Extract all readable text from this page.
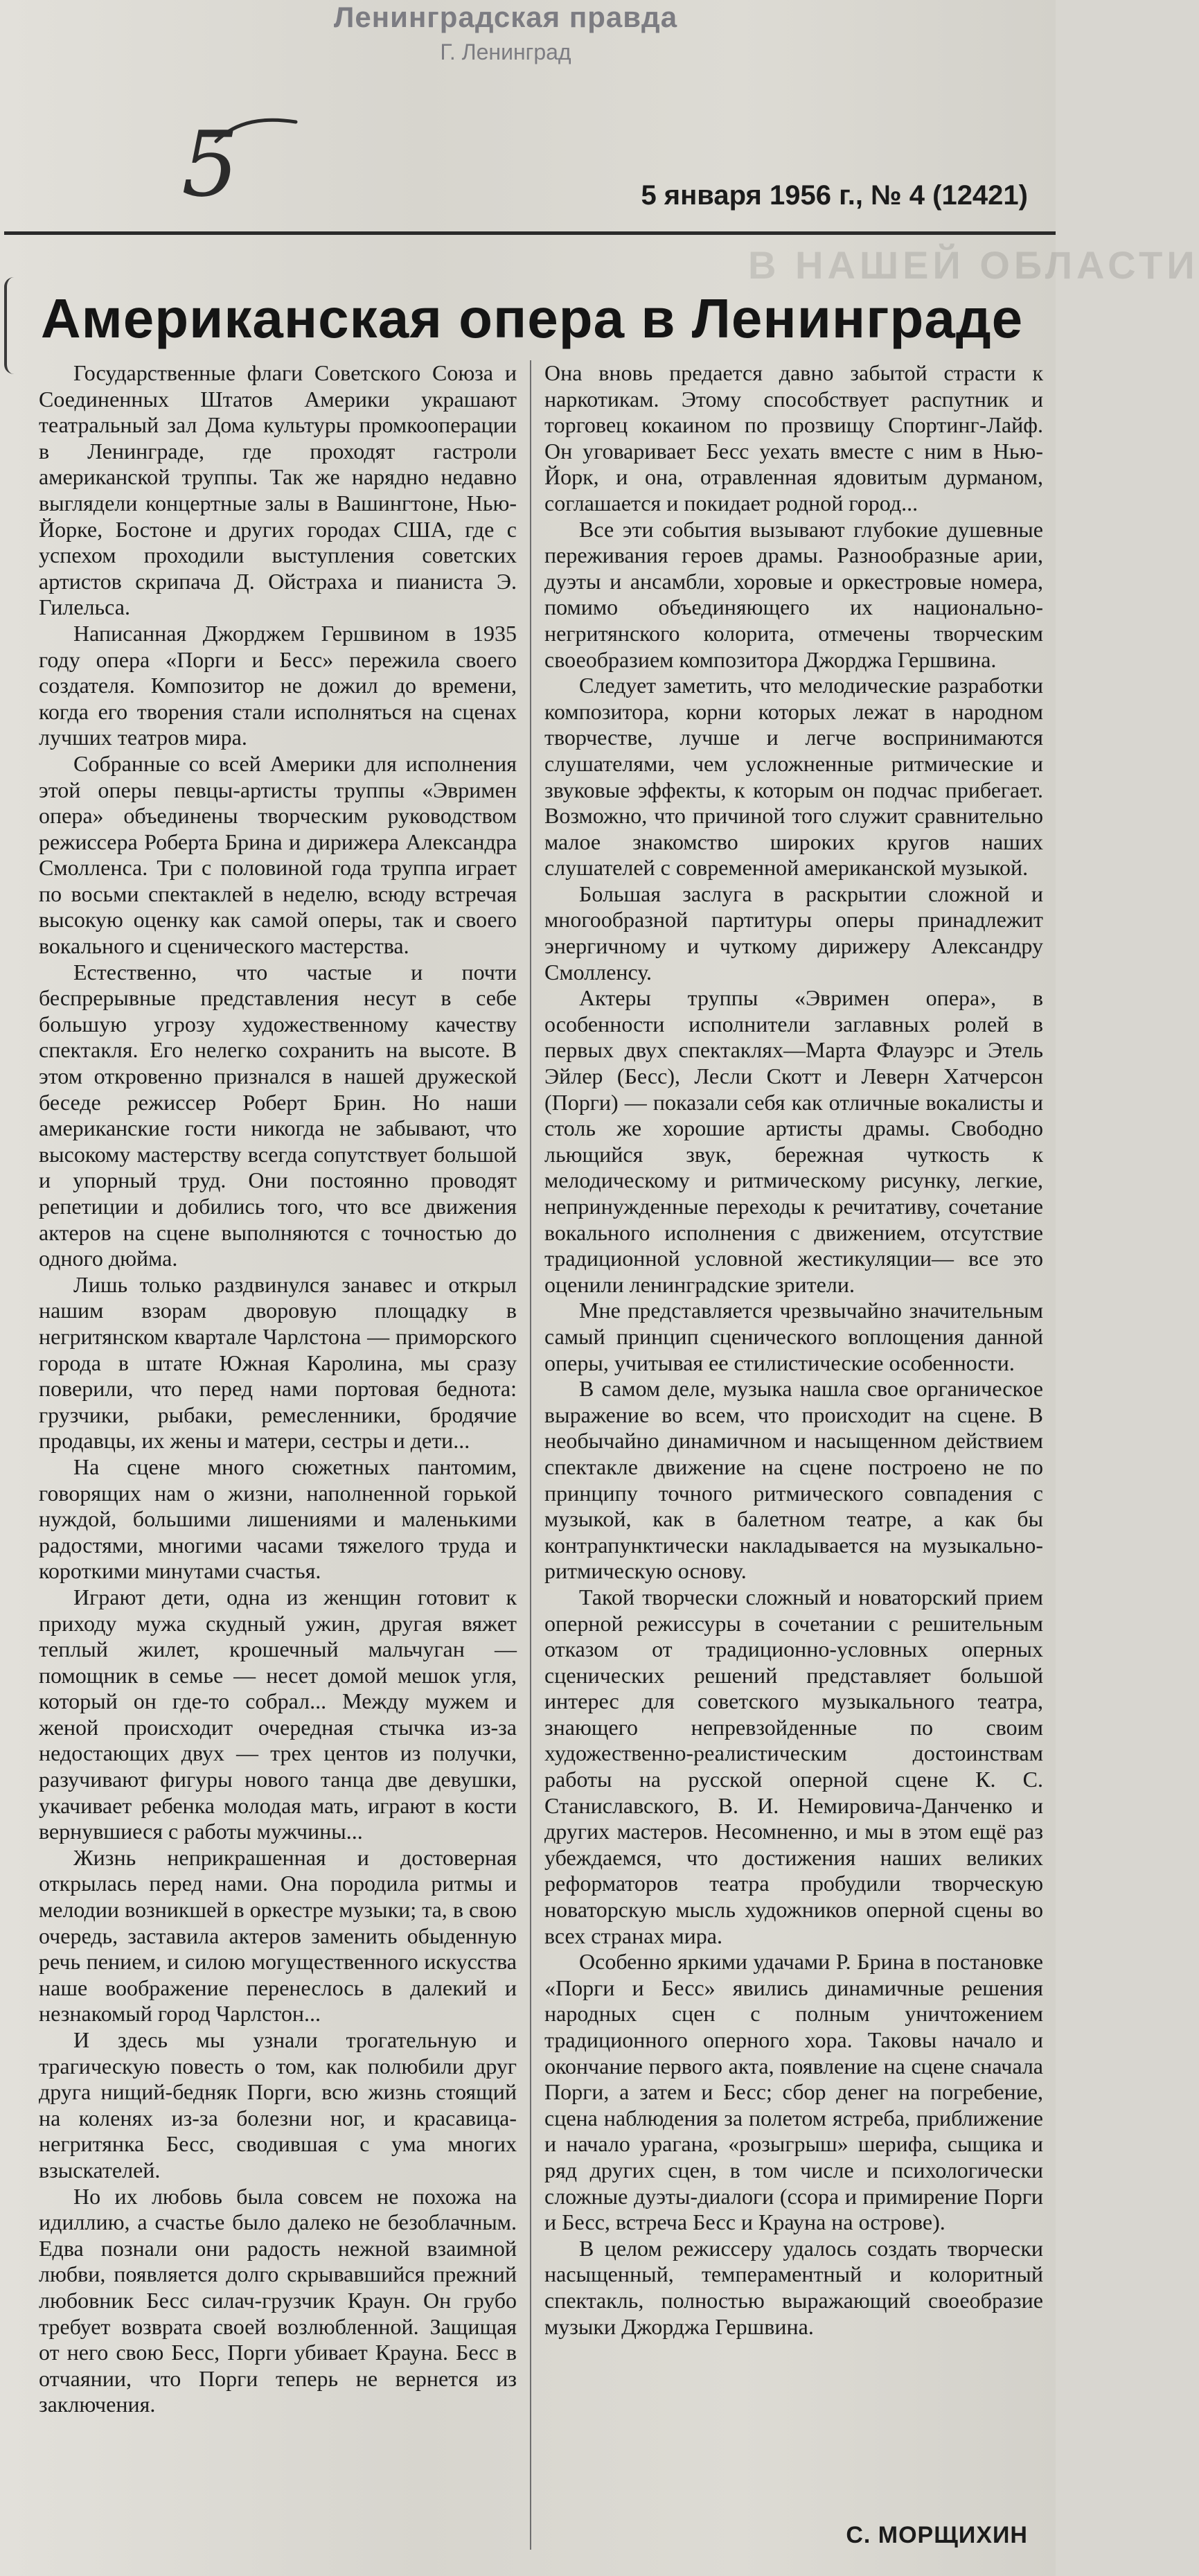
Ленинградская правда
Г. Ленинград
5	5 января 1956 г., № 4 (12421)
В НАШЕЙ ОБЛАСТИ
Американская опера в Ленинграде

Государственные флаги Советского Союза и Соединенных Штатов Америки украшают театральный зал Дома культуры промкооперации в Ленинграде, где проходят гастроли американской труппы. Так же нарядно недавно выглядели концертные залы в Вашингтоне, Нью-Йорке, Бостоне и других городах США, где с успехом проходили выступления советских артистов скрипача Д. Ойстраха и пианиста Э. Гилельса.

Написанная Джорджем Гершвином в 1935 году опера «Порги и Бесс» пережила своего создателя. Композитор не дожил до времени, когда его творения стали исполняться на сценах лучших театров мира.

Собранные со всей Америки для исполнения этой оперы певцы-артисты труппы «Эвримен опера» объединены творческим руководством режиссера Роберта Брина и дирижера Александра Смолленса. Три с половиной года труппа играет по восьми спектаклей в неделю, всюду встречая высокую оценку как самой оперы, так и своего вокального и сценического мастерства.

Естественно, что частые и почти беспрерывные представления несут в себе большую угрозу художественному качеству спектакля. Его нелегко сохранить на высоте. В этом откровенно признался в нашей дружеской беседе режиссер Роберт Брин. Но наши американские гости никогда не забывают, что высокому мастерству всегда сопутствует большой и упорный труд. Они постоянно проводят репетиции и добились того, что все движения актеров на сцене выполняются с точностью до одного дюйма.

Лишь только раздвинулся занавес и открыл нашим взорам дворовую площадку в негритянском квартале Чарлстона — приморского города в штате Южная Каролина, мы сразу поверили, что перед нами портовая беднота: грузчики, рыбаки, ремесленники, бродячие продавцы, их жены и матери, сестры и дети...

На сцене много сюжетных пантомим, говорящих нам о жизни, наполненной горькой нуждой, большими лишениями и маленькими радостями, многими часами тяжелого труда и короткими минутами счастья.

Играют дети, одна из женщин готовит к приходу мужа скудный ужин, другая вяжет теплый жилет, крошечный мальчуган — помощник в семье — несет домой мешок угля, который он где-то собрал... Между мужем и женой происходит очередная стычка из-за недостающих двух — трех центов из получки, разучивают фигуры нового танца две девушки, укачивает ребенка молодая мать, играют в кости вернувшиеся с работы мужчины...

Жизнь неприкрашенная и достоверная открылась перед нами. Она породила ритмы и мелодии возникшей в оркестре музыки; та, в свою очередь, заставила актеров заменить обыденную речь пением, и силою могущественного искусства наше воображение перенеслось в далекий и незнакомый город Чарлстон...

И здесь мы узнали трогательную и трагическую повесть о том, как полюбили друг друга нищий-бедняк Порги, всю жизнь стоящий на коленях из-за болезни ног, и красавица-негритянка Бесс, сводившая с ума многих взыскателей.

Но их любовь была совсем не похожа на идиллию, а счастье было далеко не безоблачным. Едва познали они радость нежной взаимной любви, появляется долго скрывавшийся прежний любовник Бесс силач-грузчик Краун. Он грубо требует возврата своей возлюбленной. Защищая от него свою Бесс, Порги убивает Крауна. Бесс в отчаянии, что Порги теперь не вернется из заключения.

Она вновь предается давно забытой страсти к наркотикам. Этому способствует распутник и торговец кокаином по прозвищу Спортинг-Лайф. Он уговаривает Бесс уехать вместе с ним в Нью-Йорк, и она, отравленная ядовитым дурманом, соглашается и покидает родной город...

Все эти события вызывают глубокие душевные переживания героев драмы. Разнообразные арии, дуэты и ансамбли, хоровые и оркестровые номера, помимо объединяющего их национально-негритянского колорита, отмечены творческим своеобразием композитора Джорджа Гершвина.

Следует заметить, что мелодические разработки композитора, корни которых лежат в народном творчестве, лучше и легче воспринимаются слушателями, чем усложненные ритмические и звуковые эффекты, к которым он подчас прибегает. Возможно, что причиной того служит сравнительно малое знакомство широких кругов наших слушателей с современной американской музыкой.

Большая заслуга в раскрытии сложной и многообразной партитуры оперы принадлежит энергичному и чуткому дирижеру Александру Смолленсу.

Актеры труппы «Эвримен опера», в особенности исполнители заглавных ролей в первых двух спектаклях—Марта Флауэрс и Этель Эйлер (Бесс), Лесли Скотт и Леверн Хатчерсон (Порги) — показали себя как отличные вокалисты и столь же хорошие артисты драмы. Свободно льющийся звук, бережная чуткость к мелодическому и ритмическому рисунку, легкие, непринужденные переходы к речитативу, сочетание вокального исполнения с движением, отсутствие традиционной условной жестикуляции— все это оценили ленинградские зрители.

Мне представляется чрезвычайно значительным самый принцип сценического воплощения данной оперы, учитывая ее стилистические особенности.

В самом деле, музыка нашла свое органическое выражение во всем, что происходит на сцене. В необычайно динамичном и насыщенном действием спектакле движение на сцене построено не по принципу точного ритмического совпадения с музыкой, как в балетном театре, а как бы контрапунктически накладывается на музыкально-ритмическую основу.

Такой творчески сложный и новаторский прием оперной режиссуры в сочетании с решительным отказом от традиционно-условных оперных сценических решений представляет большой интерес для советского музыкального театра, знающего непревзойденные по своим художественно-реалистическим достоинствам работы на русской оперной сцене К. С. Станиславского, В. И. Немировича-Данченко и других мастеров. Несомненно, и мы в этом ещё раз убеждаемся, что достижения наших великих реформаторов театра пробудили творческую новаторскую мысль художников оперной сцены во всех странах мира.

Особенно яркими удачами Р. Брина в постановке «Порги и Бесс» явились динамичные решения народных сцен с полным уничтожением традиционного оперного хора. Таковы начало и окончание первого акта, появление на сцене сначала Порги, а затем и Бесс; сбор денег на погребение, сцена наблюдения за полетом ястреба, приближение и начало урагана, «розыгрыш» шерифа, сыщика и ряд других сцен, в том числе и психологически сложные дуэты-диалоги (ссора и примирение Порги и Бесс, встреча Бесс и Крауна на острове).

В целом режиссеру удалось создать творчески насыщенный, темпераментный и колоритный спектакль, полностью выражающий своеобразие музыки Джорджа Гершвина.

С. МОРЩИХИН
